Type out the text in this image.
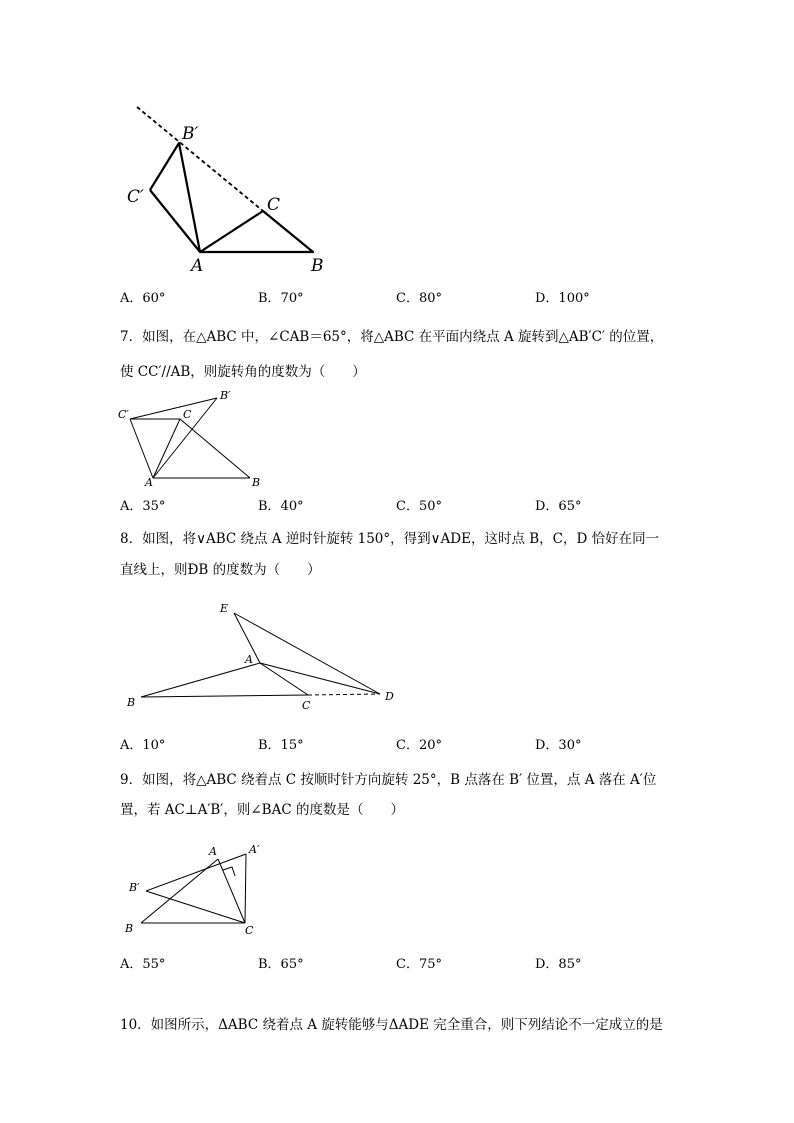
B′
C′	C
A	B
A．60°	B．70°	C．80°	D．100°
7．如图，在△ABC 中，∠CAB＝65°，将△ABC 在平面内绕点 A 旋转到△AB′C′ 的位置，
使 CC′//AB，则旋转角的度数为（　　）
C′	C
B′
A	B
A．35°	B．40°	C．50°	D．65°
8．如图，将∨ABC 绕点 A 逆时针旋转 150°，得到∨ADE，这时点 B，C，D 恰好在同一
直线上，则ÐB 的度数为（　　）
E
A
B	C
D
A．10°	B．15°	C．20°	D．30°
9．如图，将△ABC 绕着点 C 按顺时针方向旋转 25°，B 点落在 B′ 位置，点 A 落在 A′位
置，若 AC⊥A′B′，则∠BAC 的度数是（　　）
A	A′
B′
B	C
A．55°	B．65°	C．75°	D．85°
10．如图所示，ΔABC 绕着点 A 旋转能够与ΔADE 完全重合，则下列结论不一定成立的是
